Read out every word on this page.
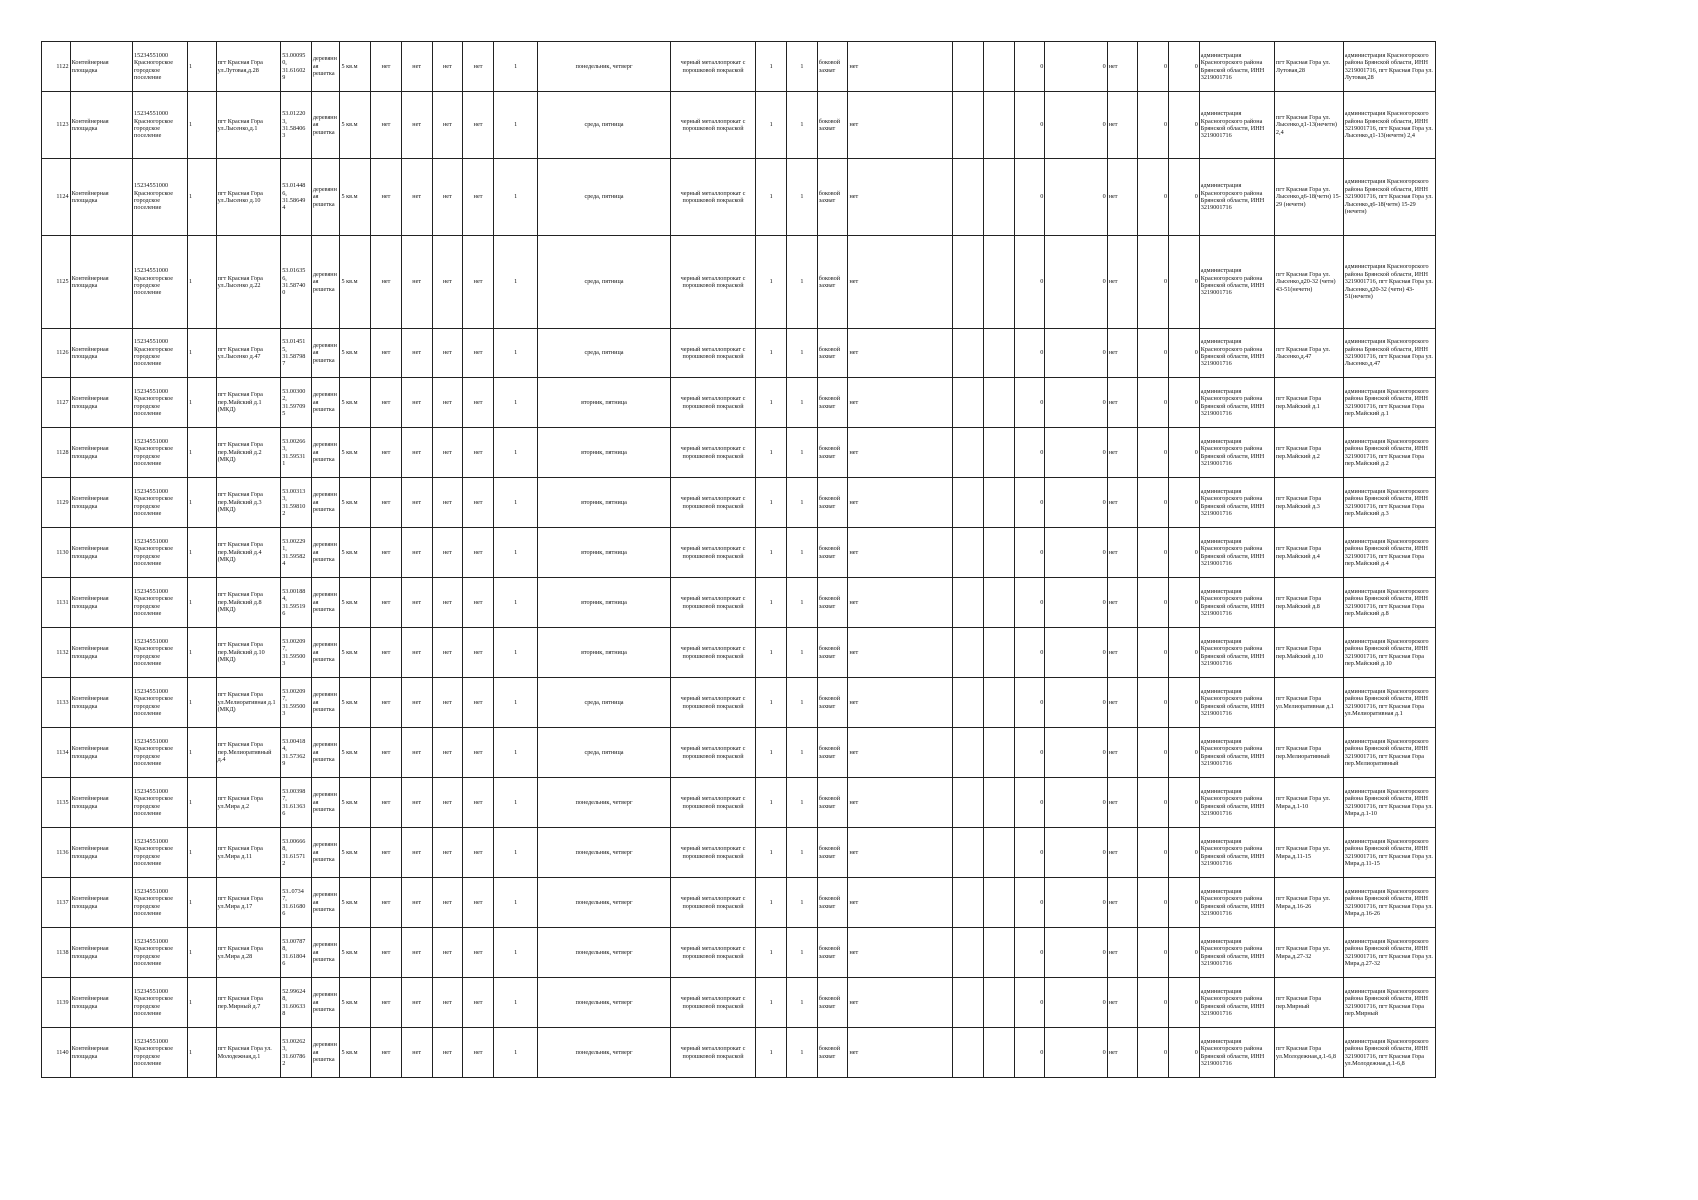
1122	Контейнерная площадка	15234551000 Красногорское городское поселение	1	пгт Красная Гора ул.Лутовая,д.28	53.00095 0, 31.61602 9	деревянная решетка	5 кв.м	нет	нет	нет	нет	1	понедельник, четверг	черный металлопрокат с порошковой покраской	1	1	боковой захват	нет			0	0	нет	0	0	администрация Красногорского района Брянской области, ИНН 3219001716	пгт Красная Гора ул. Лутовая,28	администрация Красногорского района Брянской области, ИНН 3219001716, пгт Красная Гора ул. Лутовая,28
1123	Контейнерная площадка	15234551000 Красногорское городское поселение	1	пгт Красная Гора ул.Лысенко,д.1	53.01220 3, 31.58406 3	деревянная решетка	5 кв.м	нет	нет	нет	нет	1	среда, пятница	черный металлопрокат с порошковой покраской	1	1	боковой захват	нет			0	0	нет	0	0	администрация Красногорского района Брянской области, ИНН 3219001716	пгт Красная Гора ул. Лысенко,д1-13(нечетн) 2,4	администрация Красногорского района Брянской области, ИНН 3219001716, пгт Красная Гора ул. Лысенко,д1-13(нечетн) 2,4
1124	Контейнерная площадка	15234551000 Красногорское городское поселение	1	пгт Красная Гора ул.Лысенко д.10	53.01448 6, 31.58649 4	деревянная решетка	5 кв.м	нет	нет	нет	нет	1	среда, пятница	черный металлопрокат с порошковой покраской	1	1	боковой захват	нет			0	0	нет	0	0	администрация Красногорского района Брянской области, ИНН 3219001716	пгт Красная Гора ул. Лысенко,д6-18(четн) 15-29 (нечетн)	администрация Красногорского района Брянской области, ИНН 3219001716, пгт Красная Гора ул. Лысенко,д6-18(четн) 15-29 (нечетн)
1125	Контейнерная площадка	15234551000 Красногорское городское поселение	1	пгт Красная Гора ул.Лысенко д.22	53.01635 6, 31.58740 0	деревянная решетка	5 кв.м	нет	нет	нет	нет	1	среда, пятница	черный металлопрокат с порошковой покраской	1	1	боковой захват	нет			0	0	нет	0	0	администрация Красногорского района Брянской области, ИНН 3219001716	пгт Красная Гора ул. Лысенко,д20-32 (четн) 43-51(нечетн)	администрация Красногорского района Брянской области, ИНН 3219001716, пгт Красная Гора ул. Лысенко,д20-32 (четн) 43-51(нечетн)
1126	Контейнерная площадка	15234551000 Красногорское городское поселение	1	пгт Красная Гора ул.Лысенко д.47	53.01451 5, 31.58798 7	деревянная решетка	5 кв.м	нет	нет	нет	нет	1	среда, пятница	черный металлопрокат с порошковой покраской	1	1	боковой захват	нет			0	0	нет	0	0	администрация Красногорского района Брянской области, ИНН 3219001716	пгт Красная Гора ул. Лысенко,д.47	администрация Красногорского района Брянской области, ИНН 3219001716, пгт Красная Гора ул. Лысенко,д.47
1127	Контейнерная площадка	15234551000 Красногорское городское поселение	1	пгт Красная Гора пер.Майский д.1 (МКД)	53.00300 2, 31.59709 5	деревянная решетка	5 кв.м	нет	нет	нет	нет	1	вторник, пятница	черный металлопрокат с порошковой покраской	1	1	боковой захват	нет			0	0	нет	0	0	администрация Красногорского района Брянской области, ИНН 3219001716	пгт Красная Гора пер.Майский д.1	администрация Красногорского района Брянской области, ИНН 3219001716, пгт Красная Гора пер.Майский д.1
1128	Контейнерная площадка	15234551000 Красногорское городское поселение	1	пгт Красная Гора пер.Майский д.2 (МКД)	53.00266 3, 31.59531 1	деревянная решетка	5 кв.м	нет	нет	нет	нет	1	вторник, пятница	черный металлопрокат с порошковой покраской	1	1	боковой захват	нет			0	0	нет	0	0	администрация Красногорского района Брянской области, ИНН 3219001716	пгт Красная Гора пер.Майский д.2	администрация Красногорского района Брянской области, ИНН 3219001716, пгт Красная Гора пер.Майский д.2
1129	Контейнерная площадка	15234551000 Красногорское городское поселение	1	пгт Красная Гора пер.Майский д.3 (МКД)	53.00313 3, 31.59810 2	деревянная решетка	5 кв.м	нет	нет	нет	нет	1	вторник, пятница	черный металлопрокат с порошковой покраской	1	1	боковой захват	нет			0	0	нет	0	0	администрация Красногорского района Брянской области, ИНН 3219001716	пгт Красная Гора пер.Майский д.3	администрация Красногорского района Брянской области, ИНН 3219001716, пгт Красная Гора пер.Майский д.3
1130	Контейнерная площадка	15234551000 Красногорское городское поселение	1	пгт Красная Гора пер.Майский д.4 (МКД)	53.00229 1, 31.59582 4	деревянная решетка	5 кв.м	нет	нет	нет	нет	1	вторник, пятница	черный металлопрокат с порошковой покраской	1	1	боковой захват	нет			0	0	нет	0	0	администрация Красногорского района Брянской области, ИНН 3219001716	пгт Красная Гора пер.Майский д.4	администрация Красногорского района Брянской области, ИНН 3219001716, пгт Красная Гора пер.Майский д.4
1131	Контейнерная площадка	15234551000 Красногорское городское поселение	1	пгт Красная Гора пер.Майский д.8 (МКД)	53.00188 4, 31.59519 6	деревянная решетка	5 кв.м	нет	нет	нет	нет	1	вторник, пятница	черный металлопрокат с порошковой покраской	1	1	боковой захват	нет			0	0	нет	0	0	администрация Красногорского района Брянской области, ИНН 3219001716	пгт Красная Гора пер.Майский д.8	администрация Красногорского района Брянской области, ИНН 3219001716, пгт Красная Гора пер.Майский д.8
1132	Контейнерная площадка	15234551000 Красногорское городское поселение	1	пгт Красная Гора пер.Майский д.10 (МКД)	53.00209 7, 31.59500 3	деревянная решетка	5 кв.м	нет	нет	нет	нет	1	вторник, пятница	черный металлопрокат с порошковой покраской	1	1	боковой захват	нет			0	0	нет	0	0	администрация Красногорского района Брянской области, ИНН 3219001716	пгт Красная Гора пер.Майский д.10	администрация Красногорского района Брянской области, ИНН 3219001716, пгт Красная Гора пер.Майский д.10
1133	Контейнерная площадка	15234551000 Красногорское городское поселение	1	пгт Красная Гора ул.Мелиоративная д.1 (МКД)	53.00209 7, 31.59500 3	деревянная решетка	5 кв.м	нет	нет	нет	нет	1	среда, пятница	черный металлопрокат с порошковой покраской	1	1	боковой захват	нет			0	0	нет	0	0	администрация Красногорского района Брянской области, ИНН 3219001716	пгт Красная Гора ул.Мелиоративная д.1	администрация Красногорского района Брянской области, ИНН 3219001716, пгт Красная Гора ул.Мелиоративная д.1
1134	Контейнерная площадка	15234551000 Красногорское городское поселение	1	пгт Красная Гора пер.Мелиоративный д.4	53.00418 4, 31.57362 9	деревянная решетка	5 кв.м	нет	нет	нет	нет	1	среда, пятница	черный металлопрокат с порошковой покраской	1	1	боковой захват	нет			0	0	нет	0	0	администрация Красногорского района Брянской области, ИНН 3219001716	пгт Красная Гора пер.Мелиоративный	администрация Красногорского района Брянской области, ИНН 3219001716, пгт Красная Гора пер.Мелиоративный
1135	Контейнерная площадка	15234551000 Красногорское городское поселение	1	пгт Красная Гора ул.Мира д.2	53.00398 7, 31.61363 6	деревянная решетка	5 кв.м	нет	нет	нет	нет	1	понедельник, четверг	черный металлопрокат с порошковой покраской	1	1	боковой захват	нет			0	0	нет	0	0	администрация Красногорского района Брянской области, ИНН 3219001716	пгт Красная Гора ул. Мира,д.1-10	администрация Красногорского района Брянской области, ИНН 3219001716, пгт Красная Гора ул. Мира,д.1-10
1136	Контейнерная площадка	15234551000 Красногорское городское поселение	1	пгт Красная Гора ул.Мира д.11	53.00666 8, 31.61571 2	деревянная решетка	5 кв.м	нет	нет	нет	нет	1	понедельник, четверг	черный металлопрокат с порошковой покраской	1	1	боковой захват	нет			0	0	нет	0	0	администрация Красногорского района Брянской области, ИНН 3219001716	пгт Красная Гора ул. Мира,д.11-15	администрация Красногорского района Брянской области, ИНН 3219001716, пгт Красная Гора ул. Мира,д.11-15
1137	Контейнерная площадка	15234551000 Красногорское городское поселение	1	пгт Красная Гора ул.Мира д.17	53..0734 7, 31.61680 6	деревянная решетка	5 кв.м	нет	нет	нет	нет	1	понедельник, четверг	черный металлопрокат с порошковой покраской	1	1	боковой захват	нет			0	0	нет	0	0	администрация Красногорского района Брянской области, ИНН 3219001716	пгт Красная Гора ул. Мира,д.16-26	администрация Красногорского района Брянской области, ИНН 3219001716, пгт Красная Гора ул. Мира,д.16-26
1138	Контейнерная площадка	15234551000 Красногорское городское поселение	1	пгт Красная Гора ул.Мира д.28	53.00787 8, 31.61804 6	деревянная решетка	5 кв.м	нет	нет	нет	нет	1	понедельник, четверг	черный металлопрокат с порошковой покраской	1	1	боковой захват	нет			0	0	нет	0	0	администрация Красногорского района Брянской области, ИНН 3219001716	пгт Красная Гора ул. Мира,д.27-32	администрация Красногорского района Брянской области, ИНН 3219001716, пгт Красная Гора ул. Мира,д.27-32
1139	Контейнерная площадка	15234551000 Красногорское городское поселение	1	пгт Красная Гора пер.Мирный д.7	52.99624 8, 31.60633 8	деревянная решетка	5 кв.м	нет	нет	нет	нет	1	понедельник, четверг	черный металлопрокат с порошковой покраской	1	1	боковой захват	нет			0	0	нет	0	0	администрация Красногорского района Брянской области, ИНН 3219001716	пгт Красная Гора пер.Мирный	администрация Красногорского района Брянской области, ИНН 3219001716, пгт Красная Гора пер.Мирный
1140	Контейнерная площадка	15234551000 Красногорское городское поселение	1	пгт Красная Гора ул. Молодежная,д.1	53.00262 3, 31.60786 2	деревянная решетка	5 кв.м	нет	нет	нет	нет	1	понедельник, четверг	черный металлопрокат с порошковой покраской	1	1	боковой захват	нет			0	0	нет	0	0	администрация Красногорского района Брянской области, ИНН 3219001716	пгт Красная Гора ул.Молодежная,д.1-6,8	администрация Красногорского района Брянской области, ИНН 3219001716, пгт Красная Гора ул.Молодежная,д.1-6,8
